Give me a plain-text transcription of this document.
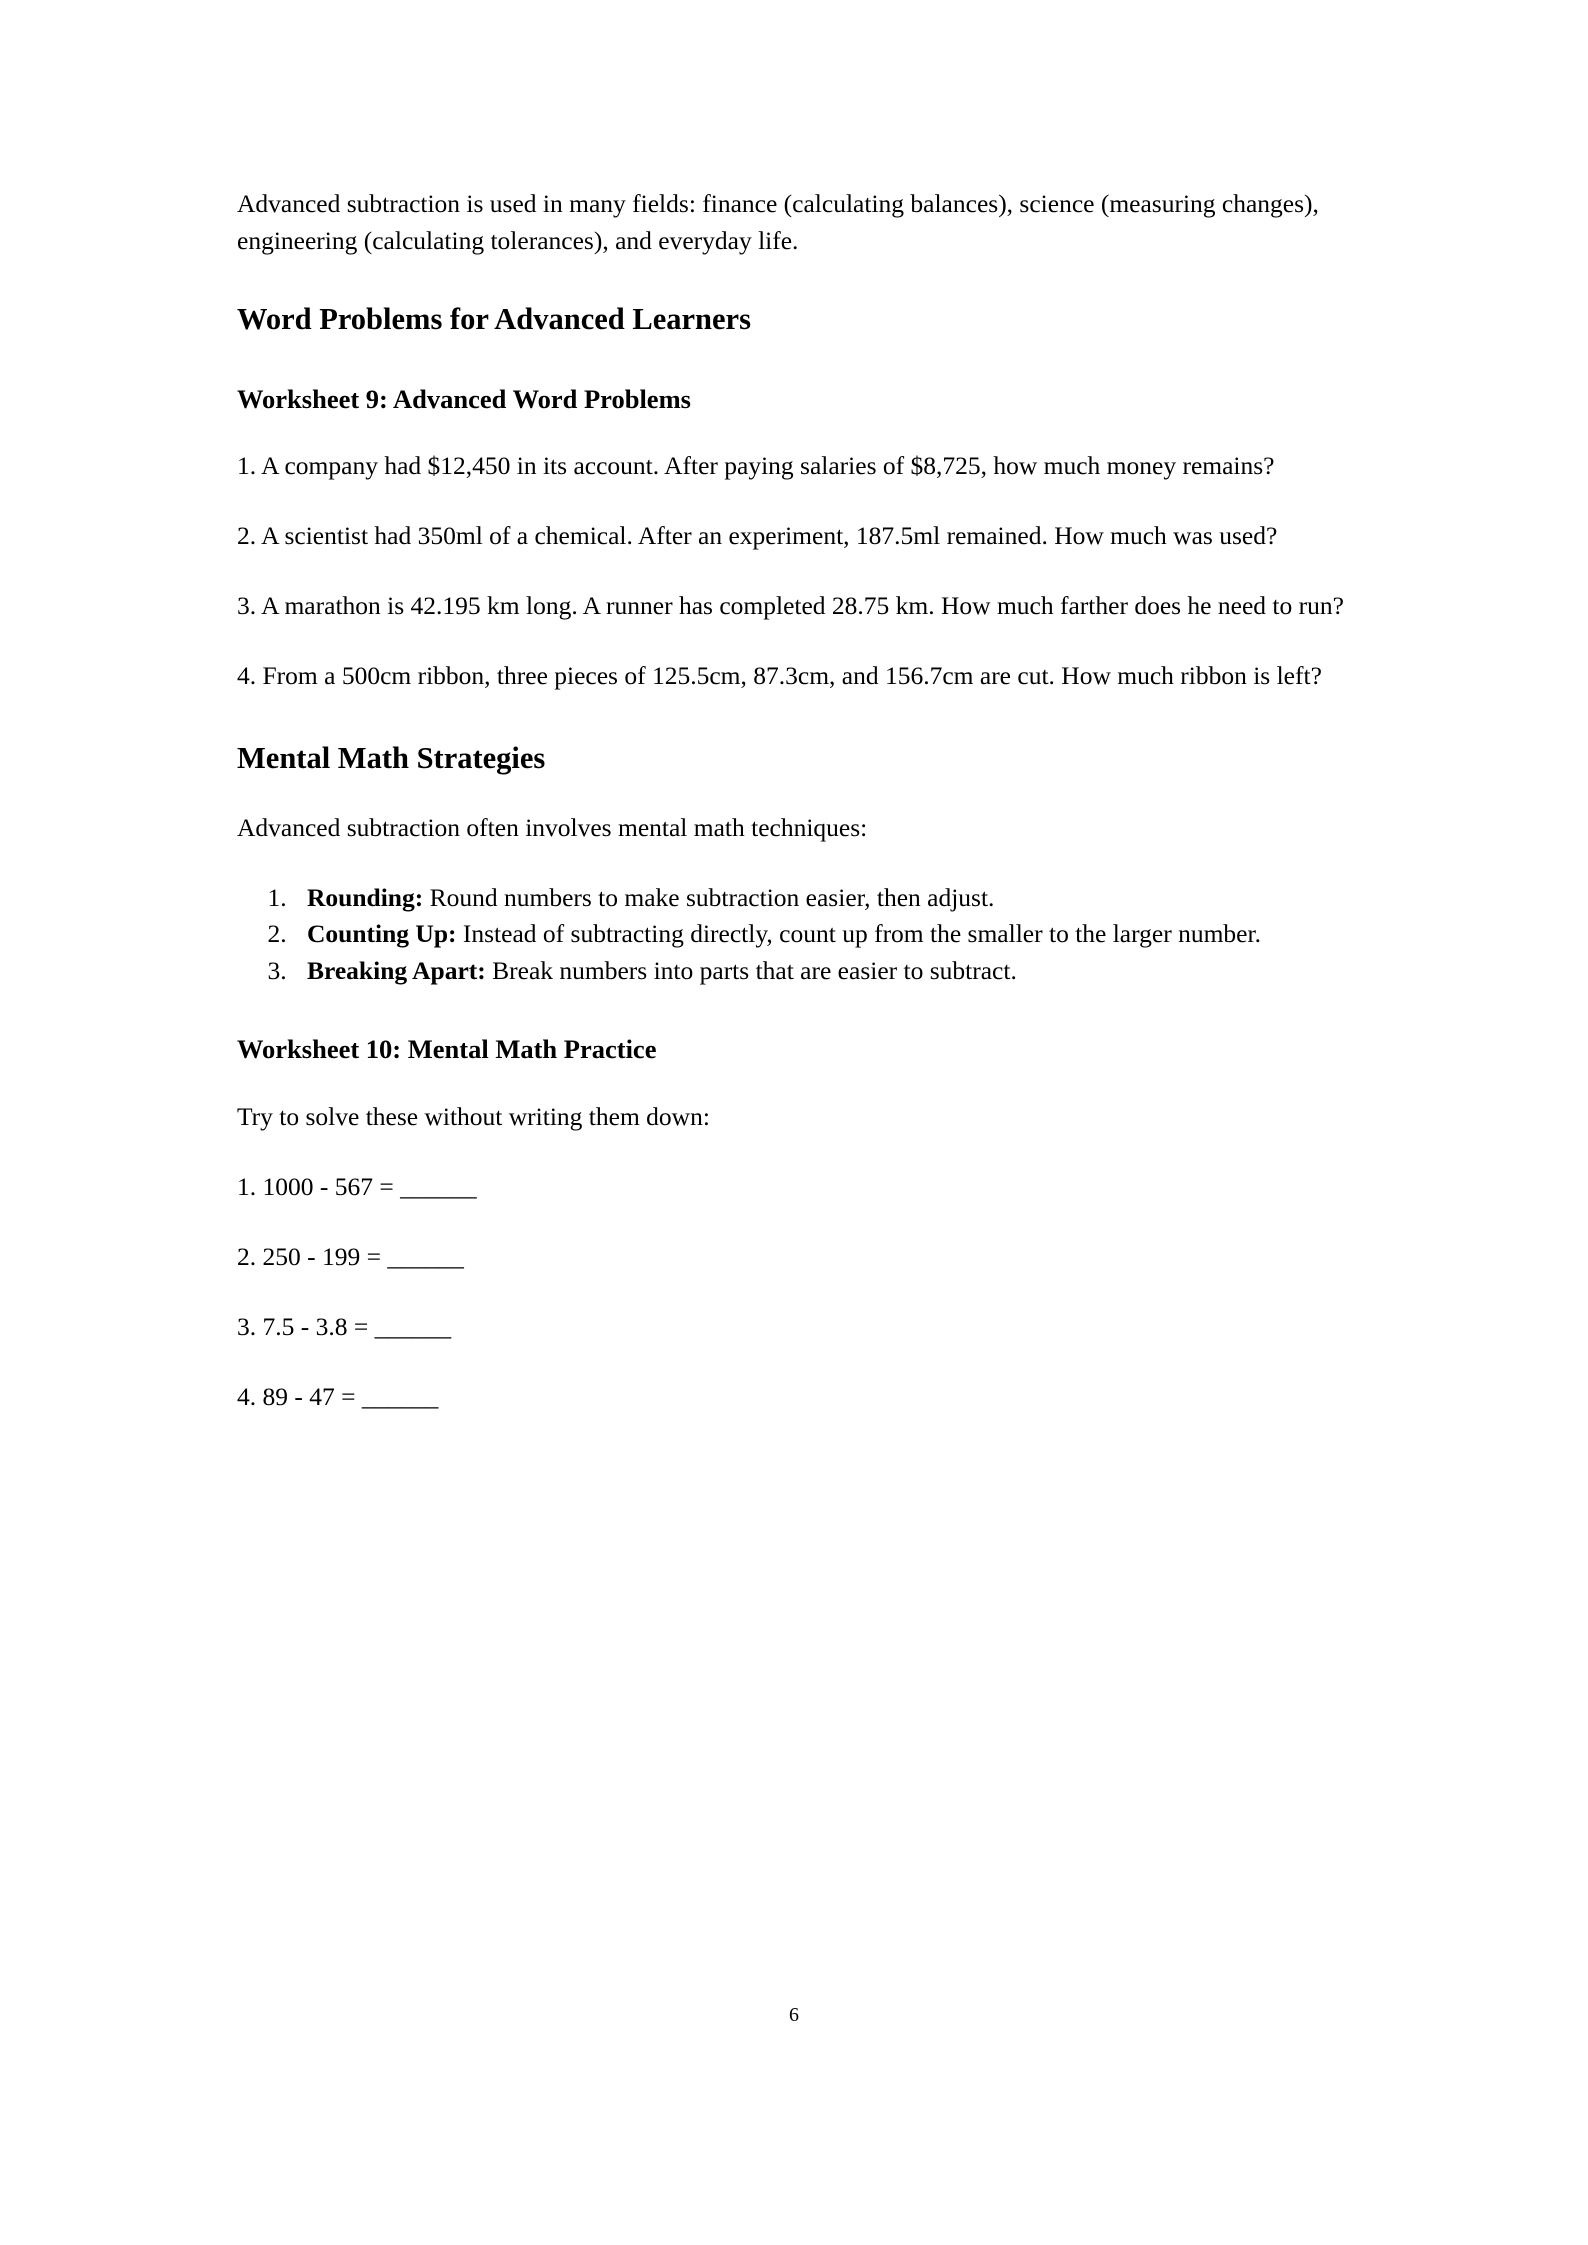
Advanced subtraction is used in many fields: finance (calculating balances), science (measuring changes), engineering (calculating tolerances), and everyday life.

Word Problems for Advanced Learners
Worksheet 9: Advanced Word Problems

1. A company had $12,450 in its account. After paying salaries of $8,725, how much money remains?

2. A scientist had 350ml of a chemical. After an experiment, 187.5ml remained. How much was used?

3. A marathon is 42.195 km long. A runner has completed 28.75 km. How much farther does he need to run?

4. From a 500cm ribbon, three pieces of 125.5cm, 87.3cm, and 156.7cm are cut. How much ribbon is left?

Mental Math Strategies

Advanced subtraction often involves mental math techniques:

1. Rounding: Round numbers to make subtraction easier, then adjust.
2. Counting Up: Instead of subtracting directly, count up from the smaller to the larger number.
3. Breaking Apart: Break numbers into parts that are easier to subtract.
Worksheet 10: Mental Math Practice

Try to solve these without writing them down:

1. 1000 - 567 = ______

2. 250 - 199 = ______

3. 7.5 - 3.8 = ______

4. 89 - 47 = ______

6
